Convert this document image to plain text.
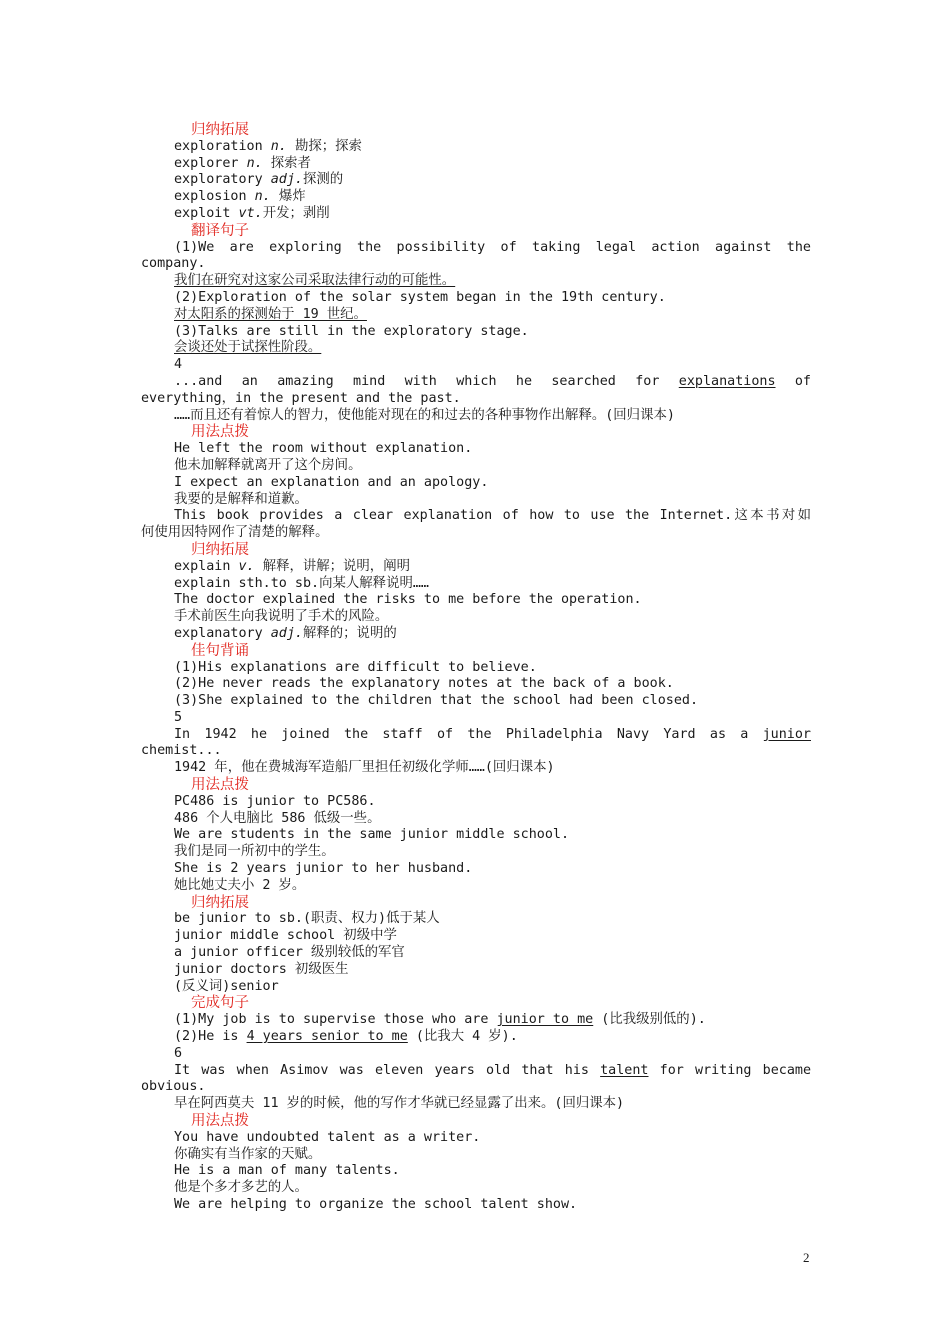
归纳拓展
exploration n. 勘探；探索
explorer n. 探索者
exploratory adj.探测的
explosion n. 爆炸
exploit vt.开发；剥削
翻译句子
(1)We are exploring the possibility of taking legal action against the
company.
我们在研究对这家公司采取法律行动的可能性。
(2)Exploration of the solar system began in the 19th century.
对太阳系的探测始于 19 世纪。
(3)Talks are still in the exploratory stage.
会谈还处于试探性阶段。
4
...and an amazing mind with which he searched for explanations of
everything，in the present and the past.
……而且还有着惊人的智力，使他能对现在的和过去的各种事物作出解释。(回归课本)
用法点拨
He left the room without explanation.
他未加解释就离开了这个房间。
I expect an explanation and an apology.
我要的是解释和道歉。
This book provides a clear explanation of how to use the Internet.这本书对如
何使用因特网作了清楚的解释。
归纳拓展
explain v. 解释，讲解；说明，阐明
explain sth.to sb.向某人解释说明……
The doctor explained the risks to me before the operation.
手术前医生向我说明了手术的风险。
explanatory adj.解释的；说明的
佳句背诵
(1)His explanations are difficult to believe.
(2)He never reads the explanatory notes at the back of a book.
(3)She explained to the children that the school had been closed.
5
In 1942 he joined the staff of the Philadelphia Navy Yard as a junior
chemist...
1942 年，他在费城海军造船厂里担任初级化学师……(回归课本)
用法点拨
PC486 is junior to PC586.
486 个人电脑比 586 低级一些。
We are students in the same junior middle school.
我们是同一所初中的学生。
She is 2 years junior to her husband.
她比她丈夫小 2 岁。
归纳拓展
be junior to sb.(职责、权力)低于某人
junior middle school 初级中学
a junior officer 级别较低的军官
junior doctors 初级医生
(反义词)senior
完成句子
(1)My job is to supervise those who are junior to me (比我级别低的).
(2)He is 4 years senior to me (比我大 4 岁).
6
It was when Asimov was eleven years old that his talent for writing became
obvious.
早在阿西莫夫 11 岁的时候，他的写作才华就已经显露了出来。(回归课本)
用法点拨
You have undoubted talent as a writer.
你确实有当作家的天赋。
He is a man of many talents.
他是个多才多艺的人。
We are helping to organize the school talent show.
2
